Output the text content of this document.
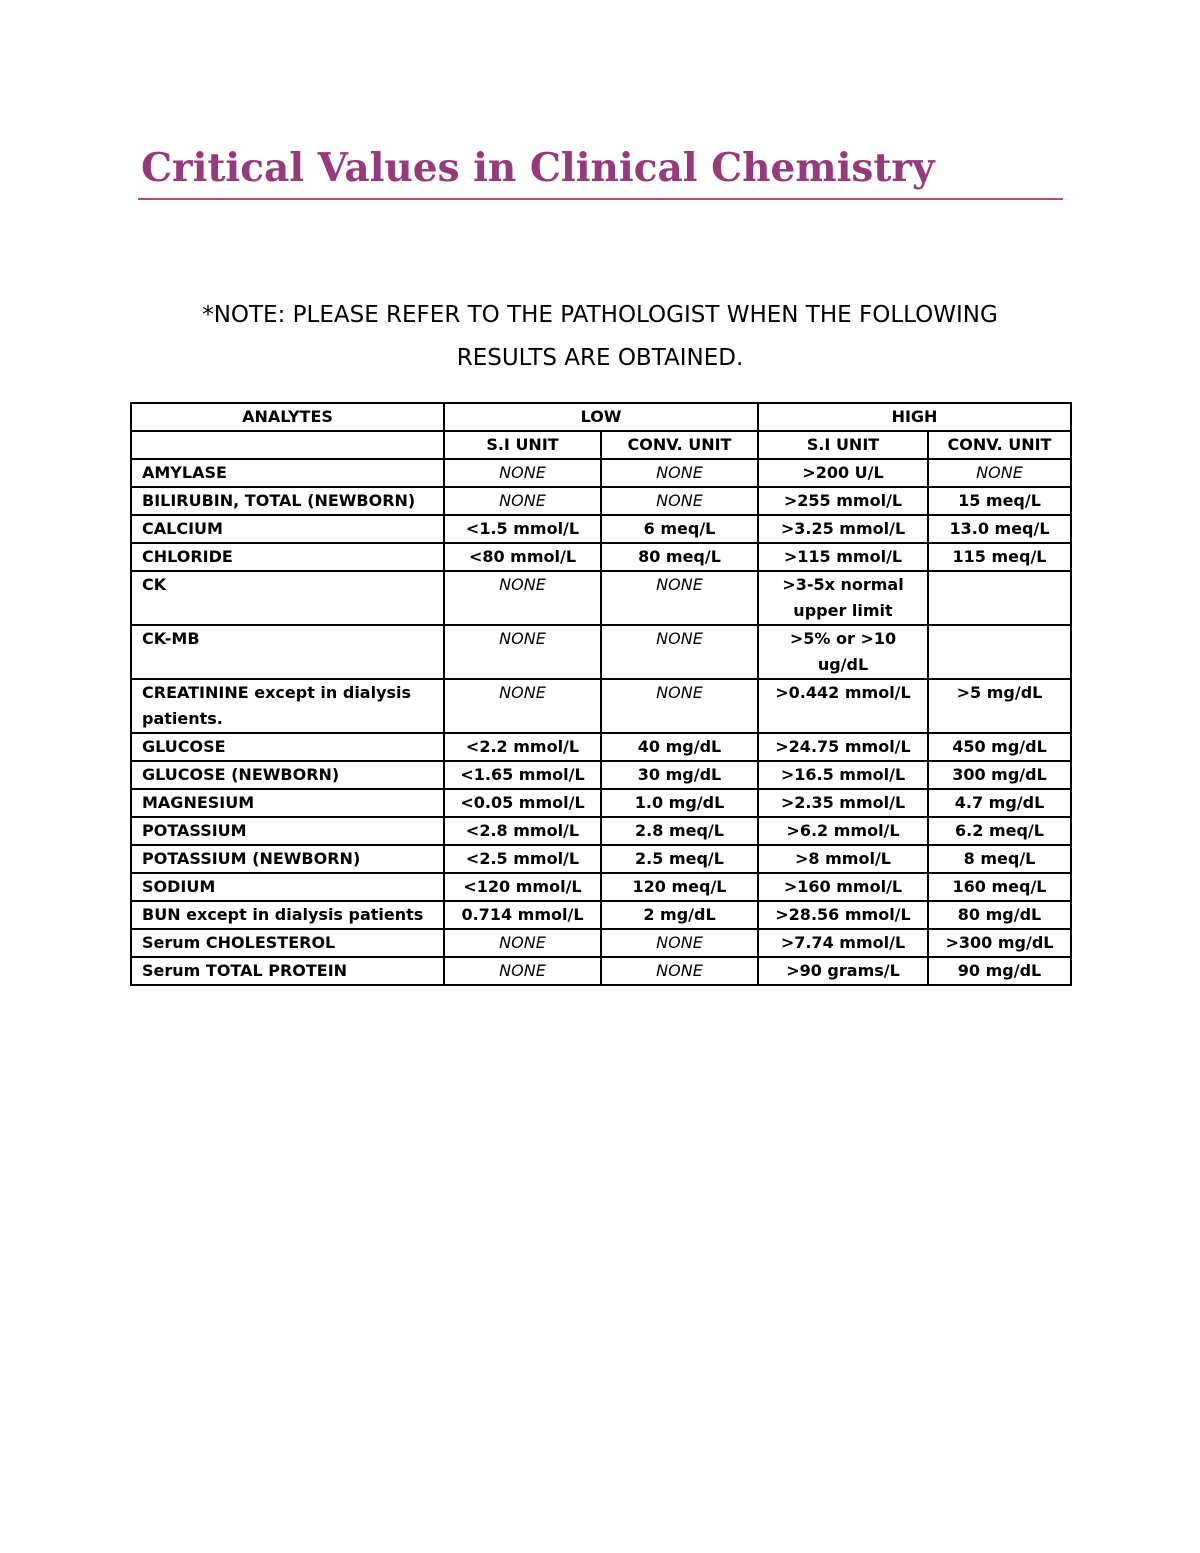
Critical Values in Clinical Chemistry

*NOTE: PLEASE REFER TO THE PATHOLOGIST WHEN THE FOLLOWING
RESULTS ARE OBTAINED.

ANALYTES	LOW		HIGH	
	S.I UNIT	CONV. UNIT	S.I UNIT	CONV. UNIT
AMYLASE	NONE	NONE	>200 U/L	NONE
BILIRUBIN, TOTAL (NEWBORN)	NONE	NONE	>255 mmol/L	15 meq/L
CALCIUM	<1.5 mmol/L	6 meq/L	>3.25 mmol/L	13.0 meq/L
CHLORIDE	<80 mmol/L	80 meq/L	>115 mmol/L	115 meq/L
CK	NONE	NONE	>3-5x normal
upper limit	

CK-MB	NONE	NONE	>5% or >10
ug/dL	

CREATININE except in dialysis
patients.	NONE	NONE	>0.442 mmol/L	>5 mg/dL
GLUCOSE	<2.2 mmol/L	40 mg/dL	>24.75 mmol/L	450 mg/dL
GLUCOSE (NEWBORN)	<1.65 mmol/L	30 mg/dL	>16.5 mmol/L	300 mg/dL
MAGNESIUM	<0.05 mmol/L	1.0 mg/dL	>2.35 mmol/L	4.7 mg/dL
POTASSIUM	<2.8 mmol/L	2.8 meq/L	>6.2 mmol/L	6.2 meq/L
POTASSIUM (NEWBORN)	<2.5 mmol/L	2.5 meq/L	>8 mmol/L	8 meq/L
SODIUM	<120 mmol/L	120 meq/L	>160 mmol/L	160 meq/L
BUN except in dialysis patients	0.714 mmol/L	2 mg/dL	>28.56 mmol/L	80 mg/dL
Serum CHOLESTEROL	NONE	NONE	>7.74 mmol/L	>300 mg/dL
Serum TOTAL PROTEIN	NONE	NONE	>90 grams/L	90 mg/dL
